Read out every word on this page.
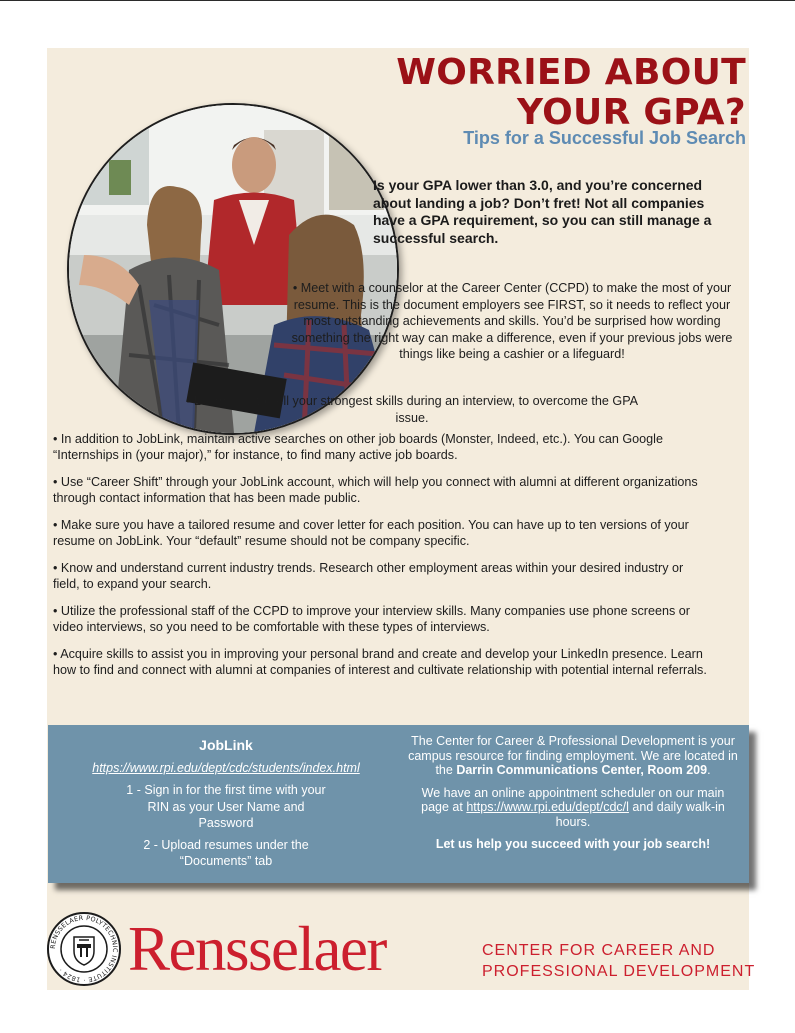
WORRIED ABOUT
YOUR GPA?
Tips for a Successful Job Search
Is your GPA lower than 3.0, and you’re concerned about landing a job? Don’t fret! Not all companies have a GPA requirement, so you can still manage a successful search.
• Meet with a counselor at the Career Center (CCPD) to make the most of your resume. This is the document employers see FIRST, so it needs to reflect your most outstanding achievements and skills. You’d be surprised how wording something the right way can make a difference, even if your previous jobs were things like being a cashier or a lifeguard!
• Learn how to sell your strongest skills during an interview, to overcome the GPA issue.

• In addition to JobLink, maintain active searches on other job boards (Monster, Indeed, etc.). You can Google “Internships in (your major),” for instance, to find many active job boards.

• Use “Career Shift” through your JobLink account, which will help you connect with alumni at different organizations through contact information that has been made public.

• Make sure you have a tailored resume and cover letter for each position. You can have up to ten versions of your resume on JobLink. Your “default” resume should not be company specific.

• Know and understand current industry trends. Research other employment areas within your desired industry or field, to expand your search.

• Utilize the professional staff of the CCPD to improve your interview skills. Many companies use phone screens or video interviews, so you need to be comfortable with these types of interviews.

• Acquire skills to assist you in improving your personal brand and create and develop your LinkedIn presence. Learn how to find and connect with alumni at companies of interest and cultivate relationship with potential internal referrals.

JobLink
https://www.rpi.edu/dept/cdc/students/index.html
1 - Sign in for the first time with your RIN as your User Name and Password
2 - Upload resumes under the “Documents” tab

The Center for Career & Professional Development is your campus resource for finding employment. We are located in the Darrin Communications Center, Room 209.

We have an online appointment scheduler on our main page at https://www.rpi.edu/dept/cdc/l and daily walk-in hours.

Let us help you succeed with your job search!

RENSSELAER POLYTECHNIC INSTITUTE · 1824 ·	Rensselaer	CENTER FOR CAREER AND
PROFESSIONAL DEVELOPMENT
